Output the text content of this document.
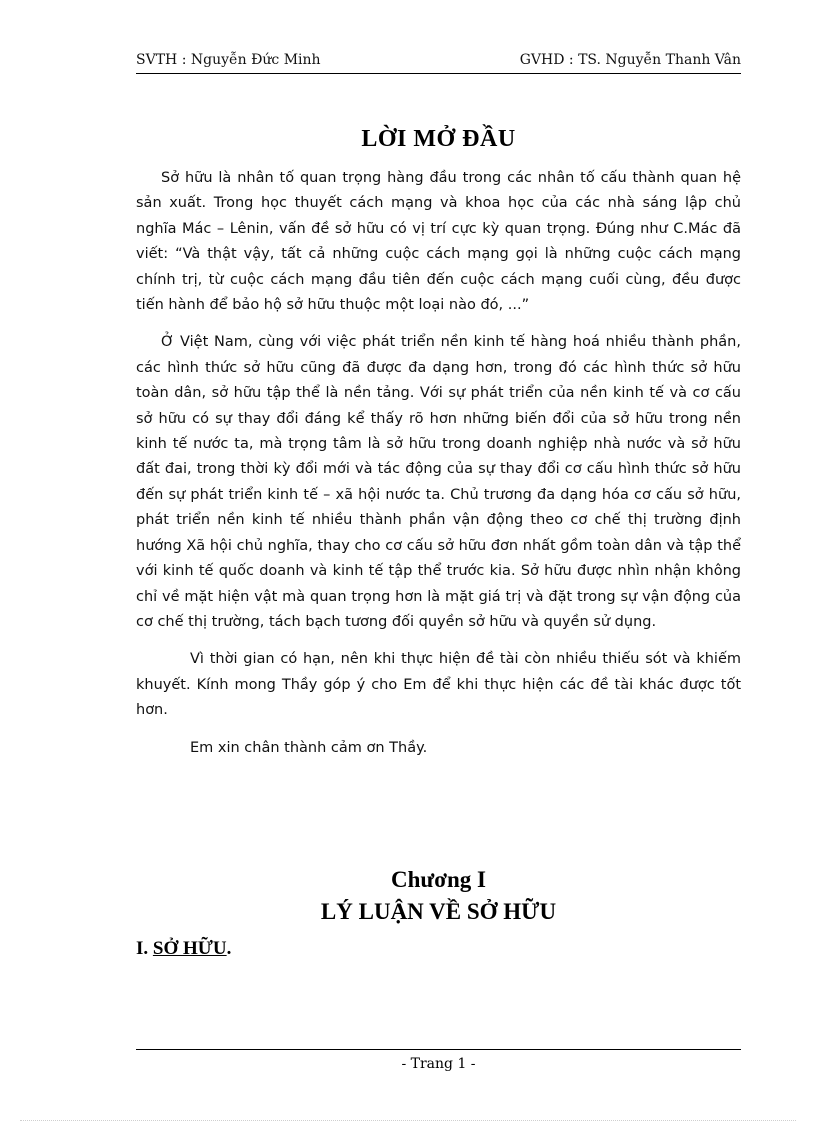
SVTH : Nguyễn Đức Minh	GVHD : TS. Nguyễn Thanh Vân
LỜI MỞ ĐẦU

Sở hữu là nhân tố quan trọng hàng đầu trong các nhân tố cấu thành quan hệ sản xuất. Trong học thuyết cách mạng và khoa học của các nhà sáng lập chủ nghĩa Mác – Lênin, vấn đề sở hữu có vị trí cực kỳ quan trọng. Đúng như C.Mác đã viết: “Và thật vậy, tất cả những cuộc cách mạng gọi là những cuộc cách mạng chính trị, từ cuộc cách mạng đầu tiên đến cuộc cách mạng cuối cùng, đều được tiến hành để bảo hộ sở hữu thuộc một loại nào đó, ...”

Ở Việt Nam, cùng với việc phát triển nền kinh tế hàng hoá nhiều thành phần, các hình thức sở hữu cũng đã được đa dạng hơn, trong đó các hình thức sở hữu toàn dân, sở hữu tập thể là nền tảng. Với sự phát triển của nền kinh tế và cơ cấu sở hữu có sự thay đổi đáng kể thấy rõ hơn những biến đổi của sở hữu trong nền kinh tế nước ta, mà trọng tâm là sở hữu trong doanh nghiệp nhà nước và sở hữu đất đai, trong thời kỳ đổi mới và tác động của sự thay đổi cơ cấu hình thức sở hữu đến sự phát triển kinh tế – xã hội nước ta. Chủ trương đa dạng hóa cơ cấu sở hữu, phát triển nền kinh tế nhiều thành phần vận động theo cơ chế thị trường định hướng Xã hội chủ nghĩa, thay cho cơ cấu sở hữu đơn nhất gồm toàn dân và tập thể với kinh tế quốc doanh và kinh tế tập thể trước kia. Sở hữu được nhìn nhận không chỉ về mặt hiện vật mà quan trọng hơn là mặt giá trị và đặt trong sự vận động của cơ chế thị trường, tách bạch tương đối quyền sở hữu và quyền sử dụng.

Vì thời gian có hạn, nên khi thực hiện đề tài còn nhiều thiếu sót và khiếm khuyết. Kính mong Thầy góp ý cho Em để khi thực hiện các đề tài khác được tốt hơn.

Em xin chân thành cảm ơn Thầy.

Chương I
LÝ LUẬN VỀ SỞ HỮU
I. SỞ HỮU.
- Trang 1 -
